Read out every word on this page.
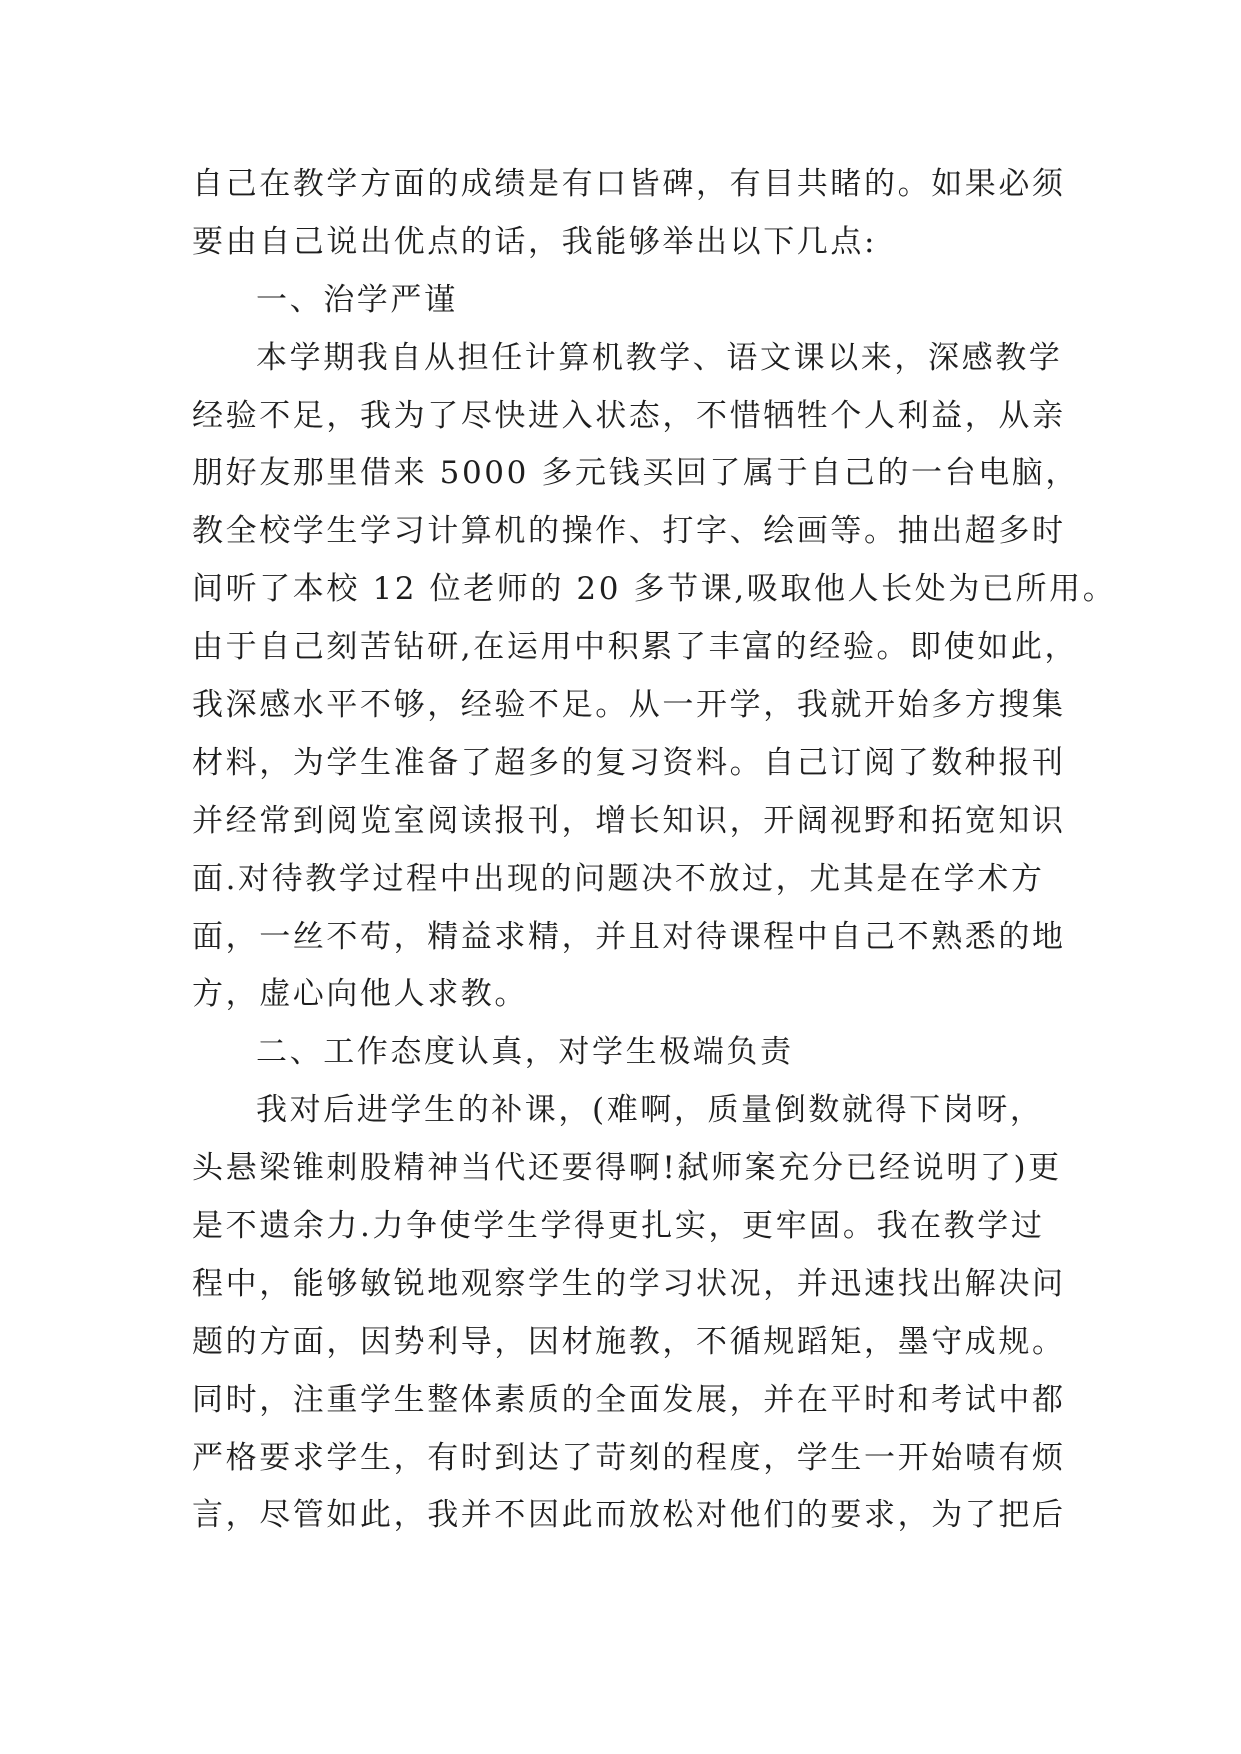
自己在教学方面的成绩是有口皆碑，有目共睹的。如果必须
要由自己说出优点的话，我能够举出以下几点:
一、治学严谨
本学期我自从担任计算机教学、语文课以来，深感教学
经验不足，我为了尽快进入状态，不惜牺牲个人利益，从亲
朋好友那里借来 5000 多元钱买回了属于自己的一台电脑，
教全校学生学习计算机的操作、打字、绘画等。抽出超多时
间听了本校 12 位老师的 20 多节课,吸取他人长处为已所用。
由于自己刻苦钻研,在运用中积累了丰富的经验。即使如此，
我深感水平不够，经验不足。从一开学，我就开始多方搜集
材料，为学生准备了超多的复习资料。自己订阅了数种报刊
并经常到阅览室阅读报刊，增长知识，开阔视野和拓宽知识
面.对待教学过程中出现的问题决不放过，尤其是在学术方
面，一丝不苟，精益求精，并且对待课程中自己不熟悉的地
方，虚心向他人求教。
二、工作态度认真，对学生极端负责
我对后进学生的补课，(难啊，质量倒数就得下岗呀，
头悬梁锥刺股精神当代还要得啊!弑师案充分已经说明了)更
是不遗余力.力争使学生学得更扎实，更牢固。我在教学过
程中，能够敏锐地观察学生的学习状况，并迅速找出解决问
题的方面，因势利导，因材施教，不循规蹈矩，墨守成规。
同时，注重学生整体素质的全面发展，并在平时和考试中都
严格要求学生，有时到达了苛刻的程度，学生一开始啧有烦
言，尽管如此，我并不因此而放松对他们的要求，为了把后
